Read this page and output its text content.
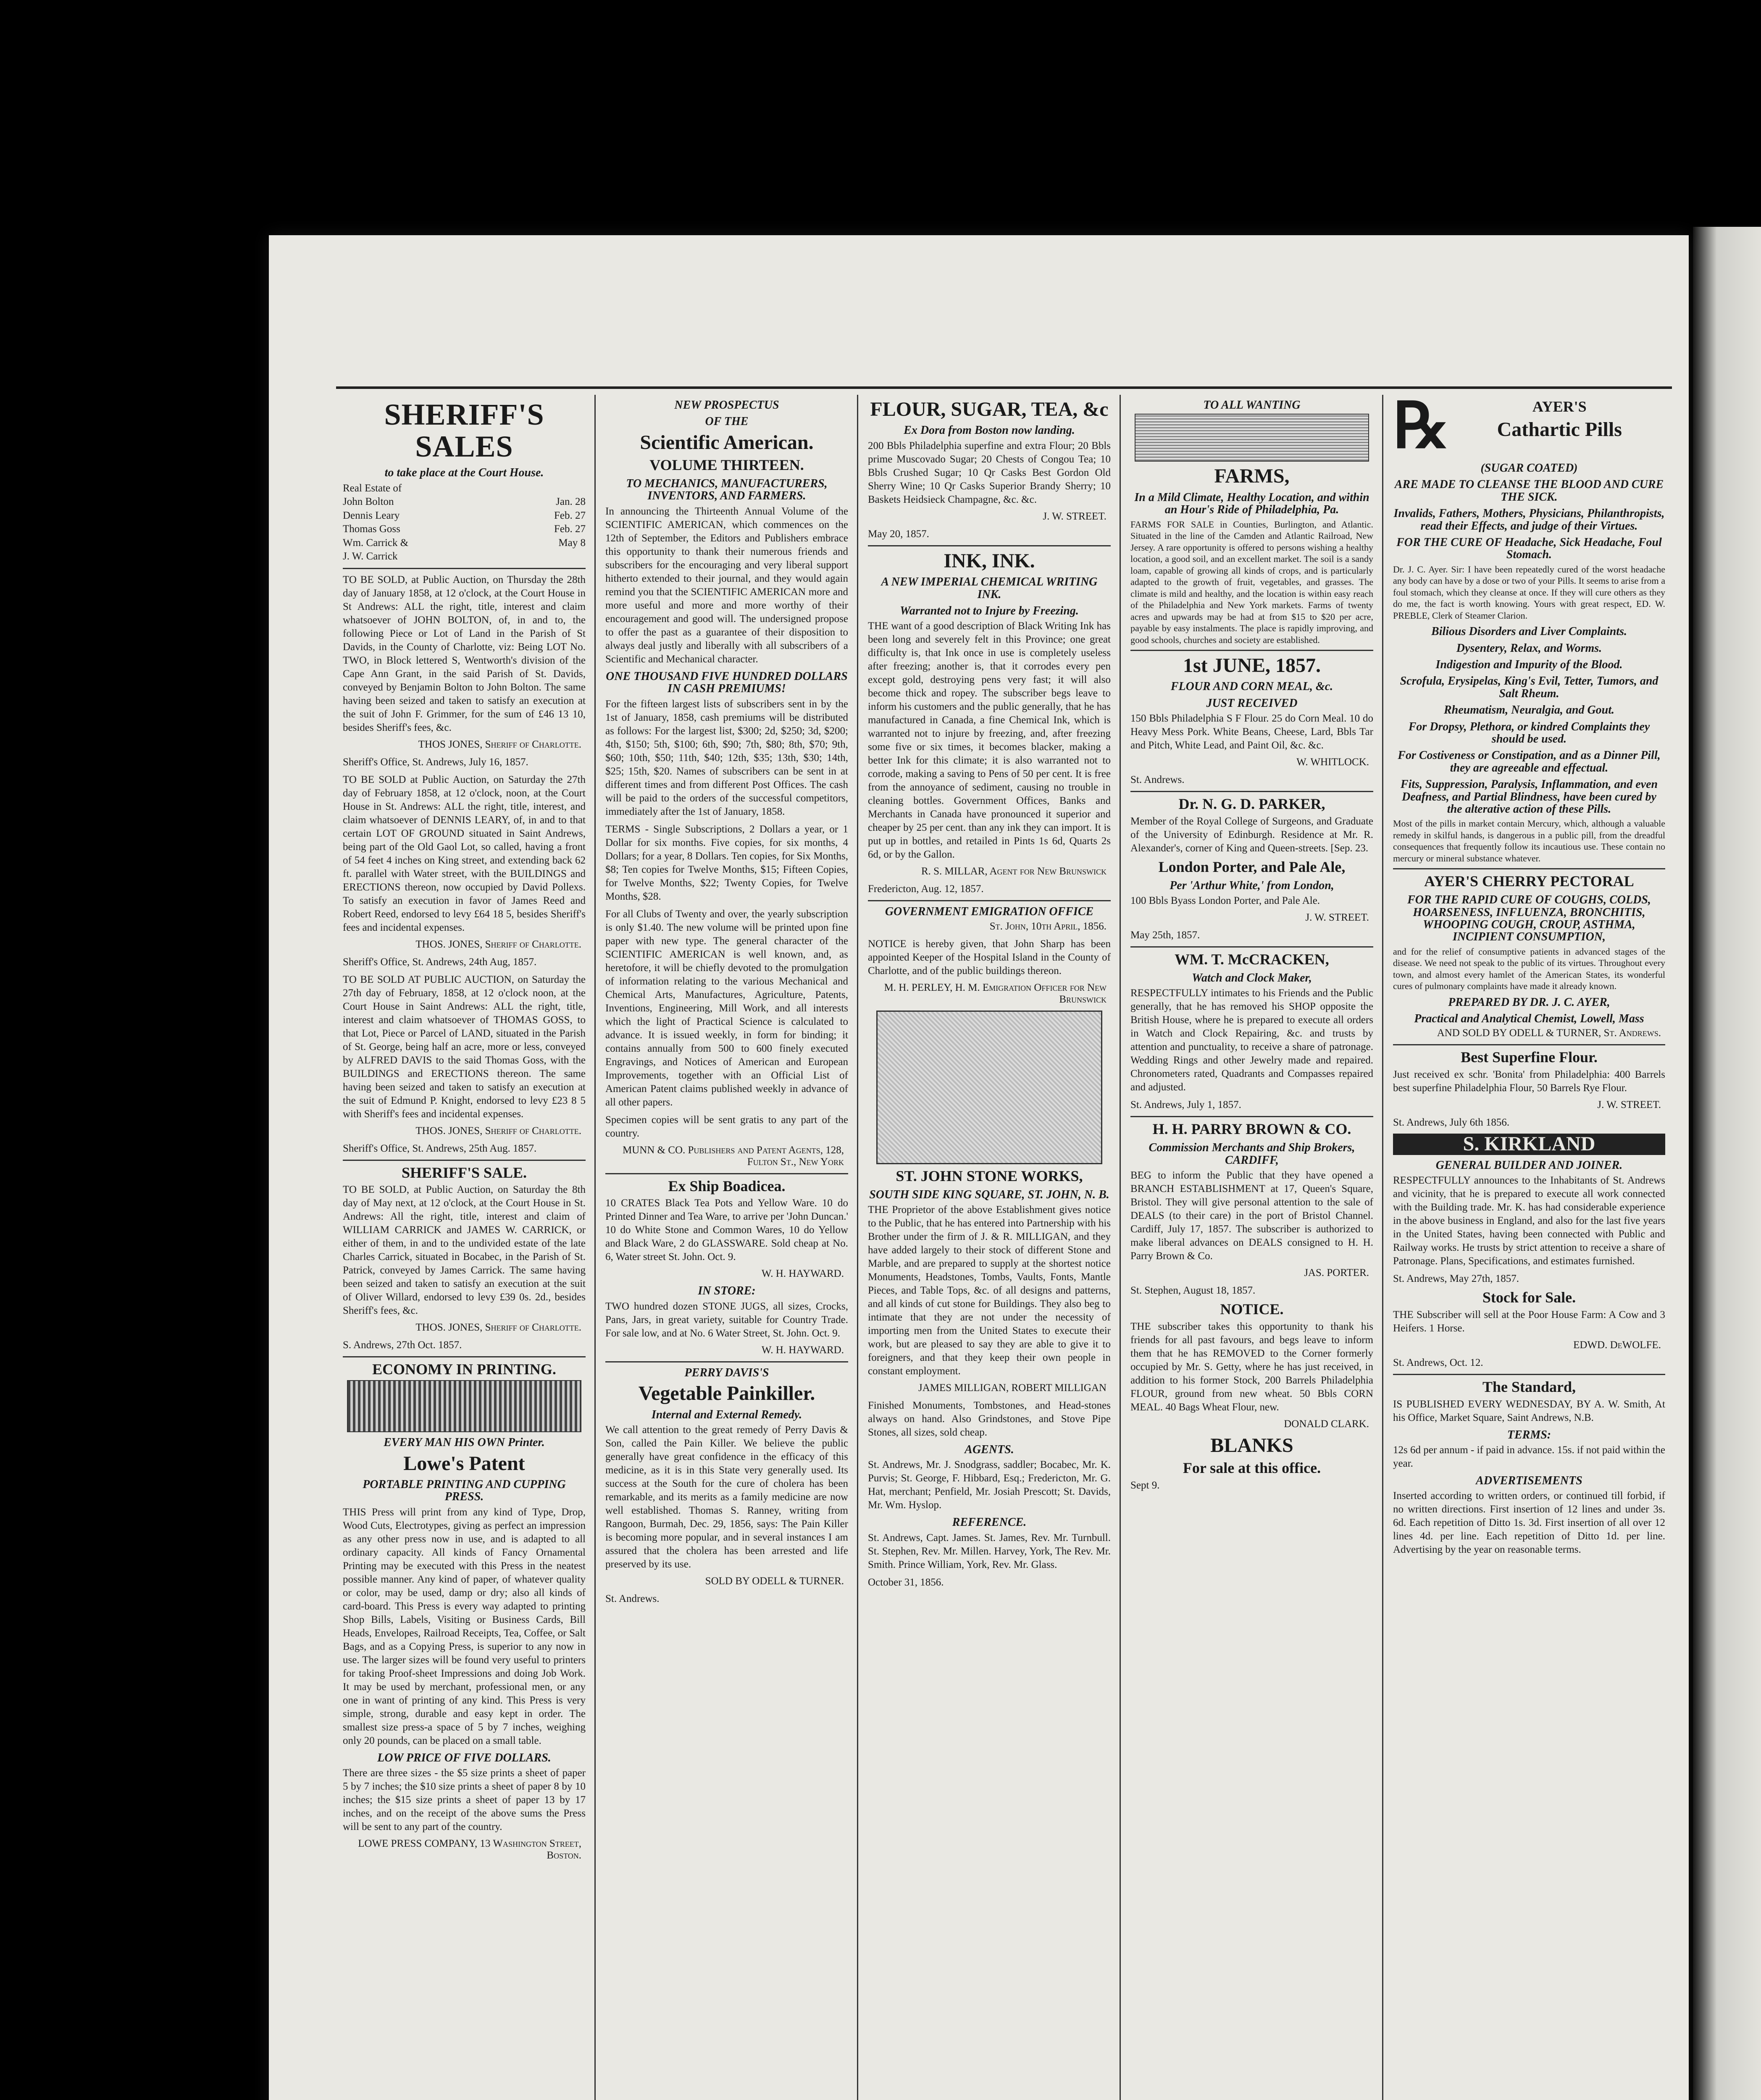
SHERIFF'S SALES
to take place at the Court House.
Real Estate of
John Bolton	Jan. 28
Dennis Leary	Feb. 27
Thomas Goss	Feb. 27
Wm. Carrick &	May 8
J. W. Carrick
TO BE SOLD, at Public Auction, on Thursday the 28th day of January 1858, at 12 o'clock, at the Court House in St Andrews: ALL the right, title, interest and claim whatsoever of JOHN BOLTON, of, in and to, the following Piece or Lot of Land in the Parish of St Davids, in the County of Charlotte, viz: Being LOT No. TWO, in Block lettered S, Wentworth's division of the Cape Ann Grant, in the said Parish of St. Davids, conveyed by Benjamin Bolton to John Bolton. The same having been seized and taken to satisfy an execution at the suit of John F. Grimmer, for the sum of £46 13 10, besides Sheriff's fees, &c.
THOS JONES, Sheriff of Charlotte.
Sheriff's Office, St. Andrews, July 16, 1857.
TO BE SOLD at Public Auction, on Saturday the 27th day of February 1858, at 12 o'clock, noon, at the Court House in St. Andrews: ALL the right, title, interest, and claim whatsoever of DENNIS LEARY, of, in and to that certain LOT OF GROUND situated in Saint Andrews, being part of the Old Gaol Lot, so called, having a front of 54 feet 4 inches on King street, and extending back 62 ft. parallel with Water street, with the BUILDINGS and ERECTIONS thereon, now occupied by David Pollexs. To satisfy an execution in favor of James Reed and Robert Reed, endorsed to levy £64 18 5, besides Sheriff's fees and incidental expenses.
THOS. JONES, Sheriff of Charlotte.
Sheriff's Office, St. Andrews, 24th Aug, 1857.
TO BE SOLD AT PUBLIC AUCTION, on Saturday the 27th day of February, 1858, at 12 o'clock noon, at the Court House in Saint Andrews: ALL the right, title, interest and claim whatsoever of THOMAS GOSS, to that Lot, Piece or Parcel of LAND, situated in the Parish of St. George, being half an acre, more or less, conveyed by ALFRED DAVIS to the said Thomas Goss, with the BUILDINGS and ERECTIONS thereon. The same having been seized and taken to satisfy an execution at the suit of Edmund P. Knight, endorsed to levy £23 8 5 with Sheriff's fees and incidental expenses.
THOS. JONES, Sheriff of Charlotte.
Sheriff's Office, St. Andrews, 25th Aug. 1857.
SHERIFF'S SALE.
TO BE SOLD, at Public Auction, on Saturday the 8th day of May next, at 12 o'clock, at the Court House in St. Andrews: All the right, title, interest and claim of WILLIAM CARRICK and JAMES W. CARRICK, or either of them, in and to the undivided estate of the late Charles Carrick, situated in Bocabec, in the Parish of St. Patrick, conveyed by James Carrick. The same having been seized and taken to satisfy an execution at the suit of Oliver Willard, endorsed to levy £39 0s. 2d., besides Sheriff's fees, &c.
THOS. JONES, Sheriff of Charlotte.
S. Andrews, 27th Oct. 1857.
ECONOMY IN PRINTING.
EVERY MAN HIS OWN Printer.
Lowe's Patent
PORTABLE PRINTING AND CUPPING PRESS.
THIS Press will print from any kind of Type, Drop, Wood Cuts, Electrotypes, giving as perfect an impression as any other press now in use, and is adapted to all ordinary capacity. All kinds of Fancy Ornamental Printing may be executed with this Press in the neatest possible manner. Any kind of paper, of whatever quality or color, may be used, damp or dry; also all kinds of card-board. This Press is every way adapted to printing Shop Bills, Labels, Visiting or Business Cards, Bill Heads, Envelopes, Railroad Receipts, Tea, Coffee, or Salt Bags, and as a Copying Press, is superior to any now in use. The larger sizes will be found very useful to printers for taking Proof-sheet Impressions and doing Job Work. It may be used by merchant, professional men, or any one in want of printing of any kind. This Press is very simple, strong, durable and easy kept in order. The smallest size press-a space of 5 by 7 inches, weighing only 20 pounds, can be placed on a small table.
LOW PRICE OF FIVE DOLLARS.
There are three sizes - the $5 size prints a sheet of paper 5 by 7 inches; the $10 size prints a sheet of paper 8 by 10 inches; the $15 size prints a sheet of paper 13 by 17 inches, and on the receipt of the above sums the Press will be sent to any part of the country.
LOWE PRESS COMPANY, 13 Washington Street, Boston.
NEW PROSPECTUS
OF THE
Scientific American.
VOLUME THIRTEEN.
TO MECHANICS, MANUFACTURERS, INVENTORS, AND FARMERS.
In announcing the Thirteenth Annual Volume of the SCIENTIFIC AMERICAN, which commences on the 12th of September, the Editors and Publishers embrace this opportunity to thank their numerous friends and subscribers for the encouraging and very liberal support hitherto extended to their journal, and they would again remind you that the SCIENTIFIC AMERICAN more and more useful and more and more worthy of their encouragement and good will. The undersigned propose to offer the past as a guarantee of their disposition to always deal justly and liberally with all subscribers of a Scientific and Mechanical character.
ONE THOUSAND FIVE HUNDRED DOLLARS IN CASH PREMIUMS!
For the fifteen largest lists of subscribers sent in by the 1st of January, 1858, cash premiums will be distributed as follows: For the largest list, $300; 2d, $250; 3d, $200; 4th, $150; 5th, $100; 6th, $90; 7th, $80; 8th, $70; 9th, $60; 10th, $50; 11th, $40; 12th, $35; 13th, $30; 14th, $25; 15th, $20. Names of subscribers can be sent in at different times and from different Post Offices. The cash will be paid to the orders of the successful competitors, immediately after the 1st of January, 1858.
TERMS - Single Subscriptions, 2 Dollars a year, or 1 Dollar for six months. Five copies, for six months, 4 Dollars; for a year, 8 Dollars. Ten copies, for Six Months, $8; Ten copies for Twelve Months, $15; Fifteen Copies, for Twelve Months, $22; Twenty Copies, for Twelve Months, $28.
For all Clubs of Twenty and over, the yearly subscription is only $1.40. The new volume will be printed upon fine paper with new type. The general character of the SCIENTIFIC AMERICAN is well known, and, as heretofore, it will be chiefly devoted to the promulgation of information relating to the various Mechanical and Chemical Arts, Manufactures, Agriculture, Patents, Inventions, Engineering, Mill Work, and all interests which the light of Practical Science is calculated to advance. It is issued weekly, in form for binding; it contains annually from 500 to 600 finely executed Engravings, and Notices of American and European Improvements, together with an Official List of American Patent claims published weekly in advance of all other papers.
Specimen copies will be sent gratis to any part of the country.
MUNN & CO. Publishers and Patent Agents, 128, Fulton St., New York
Ex Ship Boadicea.
10 CRATES Black Tea Pots and Yellow Ware. 10 do Printed Dinner and Tea Ware, to arrive per 'John Duncan.' 10 do White Stone and Common Wares, 10 do Yellow and Black Ware, 2 do GLASSWARE. Sold cheap at No. 6, Water street St. John. Oct. 9.
W. H. HAYWARD.
IN STORE:
TWO hundred dozen STONE JUGS, all sizes, Crocks, Pans, Jars, in great variety, suitable for Country Trade. For sale low, and at No. 6 Water Street, St. John. Oct. 9.
W. H. HAYWARD.
PERRY DAVIS'S
Vegetable Painkiller.
Internal and External Remedy.
We call attention to the great remedy of Perry Davis & Son, called the Pain Killer. We believe the public generally have great confidence in the efficacy of this medicine, as it is in this State very generally used. Its success at the South for the cure of cholera has been remarkable, and its merits as a family medicine are now well established. Thomas S. Ranney, writing from Rangoon, Burmah, Dec. 29, 1856, says: The Pain Killer is becoming more popular, and in several instances I am assured that the cholera has been arrested and life preserved by its use.
SOLD BY ODELL & TURNER.
St. Andrews.
FLOUR, SUGAR, TEA, &c
Ex Dora from Boston now landing.
200 Bbls Philadelphia superfine and extra Flour; 20 Bbls prime Muscovado Sugar; 20 Chests of Congou Tea; 10 Bbls Crushed Sugar; 10 Qr Casks Best Gordon Old Sherry Wine; 10 Qr Casks Superior Brandy Sherry; 10 Baskets Heidsieck Champagne, &c. &c.
J. W. STREET.
May 20, 1857.
INK, INK.
A NEW IMPERIAL CHEMICAL WRITING INK.
Warranted not to Injure by Freezing.
THE want of a good description of Black Writing Ink has been long and severely felt in this Province; one great difficulty is, that Ink once in use is completely useless after freezing; another is, that it corrodes every pen except gold, destroying pens very fast; it will also become thick and ropey. The subscriber begs leave to inform his customers and the public generally, that he has manufactured in Canada, a fine Chemical Ink, which is warranted not to injure by freezing, and, after freezing some five or six times, it becomes blacker, making a better Ink for this climate; it is also warranted not to corrode, making a saving to Pens of 50 per cent. It is free from the annoyance of sediment, causing no trouble in cleaning bottles. Government Offices, Banks and Merchants in Canada have pronounced it superior and cheaper by 25 per cent. than any ink they can import. It is put up in bottles, and retailed in Pints 1s 6d, Quarts 2s 6d, or by the Gallon.
R. S. MILLAR, Agent for New Brunswick
Fredericton, Aug. 12, 1857.
GOVERNMENT EMIGRATION OFFICE
St. John, 10th April, 1856.
NOTICE is hereby given, that John Sharp has been appointed Keeper of the Hospital Island in the County of Charlotte, and of the public buildings thereon.
M. H. PERLEY, H. M. Emigration Officer for New Brunswick
ST. JOHN STONE WORKS,
SOUTH SIDE KING SQUARE, ST. JOHN, N. B.
THE Proprietor of the above Establishment gives notice to the Public, that he has entered into Partnership with his Brother under the firm of J. & R. MILLIGAN, and they have added largely to their stock of different Stone and Marble, and are prepared to supply at the shortest notice Monuments, Headstones, Tombs, Vaults, Fonts, Mantle Pieces, and Table Tops, &c. of all designs and patterns, and all kinds of cut stone for Buildings. They also beg to intimate that they are not under the necessity of importing men from the United States to execute their work, but are pleased to say they are able to give it to foreigners, and that they keep their own people in constant employment.
JAMES MILLIGAN, ROBERT MILLIGAN
Finished Monuments, Tombstones, and Head-stones always on hand. Also Grindstones, and Stove Pipe Stones, all sizes, sold cheap.
AGENTS.
St. Andrews, Mr. J. Snodgrass, saddler; Bocabec, Mr. K. Purvis; St. George, F. Hibbard, Esq.; Fredericton, Mr. G. Hat, merchant; Penfield, Mr. Josiah Prescott; St. Davids, Mr. Wm. Hyslop.
REFERENCE.
St. Andrews, Capt. James. St. James, Rev. Mr. Turnbull. St. Stephen, Rev. Mr. Millen. Harvey, York, The Rev. Mr. Smith. Prince William, York, Rev. Mr. Glass.
October 31, 1856.
TO ALL WANTING
FARMS,
In a Mild Climate, Healthy Location, and within an Hour's Ride of Philadelphia, Pa.
FARMS FOR SALE in Counties, Burlington, and Atlantic. Situated in the line of the Camden and Atlantic Railroad, New Jersey. A rare opportunity is offered to persons wishing a healthy location, a good soil, and an excellent market. The soil is a sandy loam, capable of growing all kinds of crops, and is particularly adapted to the growth of fruit, vegetables, and grasses. The climate is mild and healthy, and the location is within easy reach of the Philadelphia and New York markets. Farms of twenty acres and upwards may be had at from $15 to $20 per acre, payable by easy instalments. The place is rapidly improving, and good schools, churches and society are established.
1st JUNE, 1857.
FLOUR AND CORN MEAL, &c.
JUST RECEIVED
150 Bbls Philadelphia S F Flour. 25 do Corn Meal. 10 do Heavy Mess Pork. White Beans, Cheese, Lard, Bbls Tar and Pitch, White Lead, and Paint Oil, &c. &c.
W. WHITLOCK.
St. Andrews.
Dr. N. G. D. PARKER,
Member of the Royal College of Surgeons, and Graduate of the University of Edinburgh. Residence at Mr. R. Alexander's, corner of King and Queen-streets. [Sep. 23.
London Porter, and Pale Ale,
Per 'Arthur White,' from London,
100 Bbls Byass London Porter, and Pale Ale.
J. W. STREET.
May 25th, 1857.
WM. T. McCRACKEN,
Watch and Clock Maker,
RESPECTFULLY intimates to his Friends and the Public generally, that he has removed his SHOP opposite the British House, where he is prepared to execute all orders in Watch and Clock Repairing, &c. and trusts by attention and punctuality, to receive a share of patronage. Wedding Rings and other Jewelry made and repaired. Chronometers rated, Quadrants and Compasses repaired and adjusted.
St. Andrews, July 1, 1857.
H. H. PARRY BROWN & CO.
Commission Merchants and Ship Brokers, CARDIFF,
BEG to inform the Public that they have opened a BRANCH ESTABLISHMENT at 17, Queen's Square, Bristol. They will give personal attention to the sale of DEALS (to their care) in the port of Bristol Channel. Cardiff, July 17, 1857. The subscriber is authorized to make liberal advances on DEALS consigned to H. H. Parry Brown & Co.
JAS. PORTER.
St. Stephen, August 18, 1857.
NOTICE.
THE subscriber takes this opportunity to thank his friends for all past favours, and begs leave to inform them that he has REMOVED to the Corner formerly occupied by Mr. S. Getty, where he has just received, in addition to his former Stock, 200 Barrels Philadelphia FLOUR, ground from new wheat. 50 Bbls CORN MEAL. 40 Bags Wheat Flour, new.
DONALD CLARK.
BLANKS
For sale at this office.
Sept 9.
℞	AYER'S
Cathartic Pills
(SUGAR COATED)
ARE MADE TO CLEANSE THE BLOOD AND CURE THE SICK.
Invalids, Fathers, Mothers, Physicians, Philanthropists, read their Effects, and judge of their Virtues.
FOR THE CURE OF Headache, Sick Headache, Foul Stomach.
Dr. J. C. Ayer. Sir: I have been repeatedly cured of the worst headache any body can have by a dose or two of your Pills. It seems to arise from a foul stomach, which they cleanse at once. If they will cure others as they do me, the fact is worth knowing. Yours with great respect, ED. W. PREBLE, Clerk of Steamer Clarion.
Bilious Disorders and Liver Complaints.
Dysentery, Relax, and Worms.
Indigestion and Impurity of the Blood.
Scrofula, Erysipelas, King's Evil, Tetter, Tumors, and Salt Rheum.
Rheumatism, Neuralgia, and Gout.
For Dropsy, Plethora, or kindred Complaints they should be used.
For Costiveness or Constipation, and as a Dinner Pill, they are agreeable and effectual.
Fits, Suppression, Paralysis, Inflammation, and even Deafness, and Partial Blindness, have been cured by the alterative action of these Pills.
Most of the pills in market contain Mercury, which, although a valuable remedy in skilful hands, is dangerous in a public pill, from the dreadful consequences that frequently follow its incautious use. These contain no mercury or mineral substance whatever.
AYER'S CHERRY PECTORAL
FOR THE RAPID CURE OF COUGHS, COLDS, HOARSENESS, INFLUENZA, BRONCHITIS, WHOOPING COUGH, CROUP, ASTHMA, INCIPIENT CONSUMPTION,
and for the relief of consumptive patients in advanced stages of the disease. We need not speak to the public of its virtues. Throughout every town, and almost every hamlet of the American States, its wonderful cures of pulmonary complaints have made it already known.
PREPARED BY DR. J. C. AYER,
Practical and Analytical Chemist, Lowell, Mass
AND SOLD BY ODELL & TURNER, St. Andrews.
Best Superfine Flour.
Just received ex schr. 'Bonita' from Philadelphia: 400 Barrels best superfine Philadelphia Flour, 50 Barrels Rye Flour.
J. W. STREET.
St. Andrews, July 6th 1856.
S. KIRKLAND
GENERAL BUILDER AND JOINER.
RESPECTFULLY announces to the Inhabitants of St. Andrews and vicinity, that he is prepared to execute all work connected with the Building trade. Mr. K. has had considerable experience in the above business in England, and also for the last five years in the United States, having been connected with Public and Railway works. He trusts by strict attention to receive a share of Patronage. Plans, Specifications, and estimates furnished.
St. Andrews, May 27th, 1857.
Stock for Sale.
THE Subscriber will sell at the Poor House Farm: A Cow and 3 Heifers. 1 Horse.
EDWD. DeWOLFE.
St. Andrews, Oct. 12.
The Standard,
IS PUBLISHED EVERY WEDNESDAY, BY A. W. Smith, At his Office, Market Square, Saint Andrews, N.B.
TERMS:
12s 6d per annum - if paid in advance. 15s. if not paid within the year.
ADVERTISEMENTS
Inserted according to written orders, or continued till forbid, if no written directions. First insertion of 12 lines and under 3s. 6d. Each repetition of Ditto 1s. 3d. First insertion of all over 12 lines 4d. per line. Each repetition of Ditto 1d. per line. Advertising by the year on reasonable terms.
